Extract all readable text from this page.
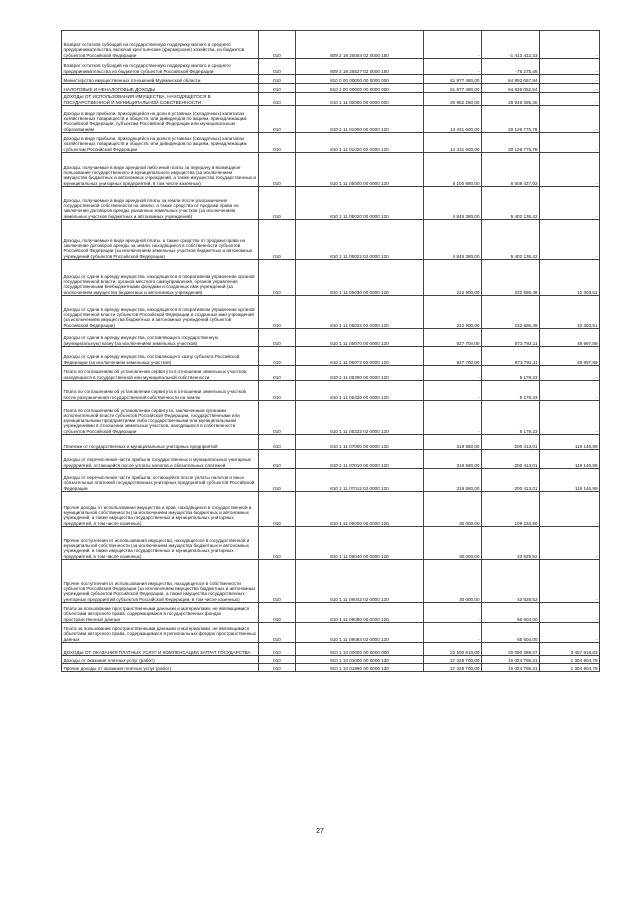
Возврат остатков субсидий на государственную поддержку малого и среднего предпринимательства, включая крестьянские (фермерские) хозяйства, из бюджетов субъектов Российской Федерации	010	809 2 19 25064 02 0000 150	-	-1 413 412,33	-
Возврат остатков субсидий на государственную поддержку малого и среднего предпринимательства из бюджетов субъектов Российской Федерации	010	809 2 19 25527 02 0000 150	-	-75 275,46	-
Министерство имущественных отношений Мурманской области	010	810 0 00 00000 00 0000 000	61 977 480,00	64 892 657,84	-
НАЛОГОВЫЕ И НЕНАЛОГОВЫЕ ДОХОДЫ	010	810 1 00 00000 00 0000 000	61 977 480,00	64 835 052,54	-
ДОХОДЫ ОТ ИСПОЛЬЗОВАНИЯ ИМУЩЕСТВА, НАХОДЯЩЕГОСЯ В ГОСУДАРСТВЕННОЙ И МУНИЦИПАЛЬНОЙ СОБСТВЕННОСТИ	010	810 1 11 00000 00 0000 000	20 882 280,00	26 946 395,30	-
Доходы в виде прибыли, приходящейся на доли в уставных (складочных) капиталах хозяйственных товариществ и обществ, или дивидендов по акциям, принадлежащим Российской Федерации, субъектам Российской Федерации или муниципальным образованиям	010	810 1 11 01000 00 0000 120	14 431 600,00	20 126 775,78	-
Доходы в виде прибыли, приходящейся на доли в уставных (складочных) капиталах хозяйственных товариществ и обществ, или дивидендов по акциям, принадлежащим субъектам Российской Федерации	010	810 1 11 01020 02 0000 120	14 431 600,00	20 126 775,78	-
Доходы, получаемые в виде арендной либо иной платы за передачу в возмездное пользование государственного и муниципального имущества (за исключением имущества бюджетных и автономных учреждений, а также имущества государственных и муниципальных унитарных предприятий, в том числе казенных)	010	810 1 11 05000 00 0000 120	6 100 680,00	6 508 427,02	-
Доходы, получаемые в виде арендной платы за земли после разграничения государственной собственности на землю, а также средства от продажи права на заключение договоров аренды указанных земельных участков (за исключением земельных участков бюджетных и автономных учреждений)	010	810 1 11 05020 00 0000 120	4 846 380,00	5 402 138,42	-
Доходы, получаемые в виде арендной платы, а также средства от продажи права на заключение договоров аренды за земли, находящиеся в собственности субъектов Российской Федерации (за исключением земельных участков бюджетных и автономных учреждений субъектов Российской Федерации)	010	810 1 11 05022 02 0000 120	4 846 380,00	5 402 138,42	-
Доходы от сдачи в аренду имущества, находящегося в оперативном управлении органов государственной власти, органов местного самоуправления, органов управления государственными внебюджетными фондами и созданных ими учреждений (за исключением имущества бюджетных и автономных учреждений)	010	810 1 11 05030 00 0000 120	222 900,00	232 596,49	10 303,51
Доходы от сдачи в аренду имущества, находящегося в оперативном управлении органов государственной власти субъектов Российской Федерации и созданных ими учреждений (за исключением имущества бюджетных и автономных учреждений субъектов Российской Федерации)	010	810 1 11 05032 02 0000 120	222 900,00	232 596,49	10 303,51
Доходы от сдачи в аренду имущества, составляющего государственную (муниципальную) казну (за исключением земельных участков)	010	810 1 11 05070 00 0000 120	927 700,00	873 792,11	48 997,89
Доходы от сдачи в аренду имущества, составляющего казну субъекта Российской Федерации (за исключением земельных участков)	010	810 1 11 05072 02 0000 120	927 700,00	873 792,11	48 997,89
Плата по соглашениям об установлении сервитута в отношении земельных участков, находящихся в государственной или муниципальной собственности	010	810 1 11 05300 00 0000 120	-	5 179,23	-
Плата по соглашениям об установлении сервитута в отношении земельных участков после разграничения государственной собственности на землю	010	810 1 11 05320 00 0000 120	-	5 179,23	-
Плата по соглашениям об установлении сервитута, заключенным органами исполнительной власти субъектов Российской Федерации, государственными или муниципальными предприятиями либо государственными или муниципальными учреждениями в отношении земельных участков, находящихся в собственности субъектов Российской Федерации	010	810 1 11 05322 02 0000 120	-	5 179,23	-
Платежи от государственных и муниципальных унитарных предприятий	010	810 1 11 07000 00 0000 120	319 580,00	200 413,01	119 146,99
Доходы от перечисления части прибыли государственных и муниципальных унитарных предприятий, остающейся после уплаты налогов и обязательных платежей	010	810 1 11 07010 00 0000 120	319 580,00	200 413,01	119 146,99
Доходы от перечисления части прибыли, остающейся после уплаты налогов и иных обязательных платежей государственных унитарных предприятий субъектов Российской Федерации	010	810 1 11 07012 02 0000 120	319 580,00	200 413,01	119 146,99
Прочие доходы от использования имущества и прав, находящихся в государственной и муниципальной собственности (за исключением имущества бюджетных и автономных учреждений, а также имущества государственных и муниципальных унитарных предприятий, в том числе казенных)	010	810 1 11 09000 00 0000 120	30 000,00	109 233,50	-
Прочие поступления от использования имущества, находящегося в государственной и муниципальной собственности (за исключением имущества бюджетных и автономных учреждений, а также имущества государственных и муниципальных унитарных предприятий, в том числе казенных)	010	810 1 11 09040 00 0000 120	30 000,00	43 629,52	-
Прочие поступления от использования имущества, находящегося в собственности субъектов Российской Федерации (за исключением имущества бюджетных и автономных учреждений субъектов Российской Федерации, а также имущества государственных унитарных предприятий субъектов Российской Федерации, в том числе казенных)	010	810 1 11 09042 02 0000 120	30 000,00	43 629,52	-
Плата за пользование пространственными данными и материалами, не являющимися объектами авторского права, содержащимися в государственных фондах пространственных данных	010	810 1 11 09080 00 0000 120	-	65 604,00	-
Плата за пользование пространственными данными и материалами, не являющимися объектами авторского права, содержащимися в региональных фондах пространственных данных	010	810 1 11 09084 02 0000 120	-	65 604,00	-
ДОХОДЫ ОТ ОКАЗАНИЯ ПЛАТНЫХ УСЛУГ И КОМПЕНСАЦИИ ЗАТРАТ ГОСУДАРСТВА	010	810 1 13 00000 00 0000 000	22 500 810,00	20 090 389,57	3 457 916,83
Доходы от оказания платных услуг (работ)	010	810 1 13 01000 00 0000 130	17 329 700,00	16 024 795,21	1 304 904,79
Прочие доходы от оказания платных услуг (работ)	010	810 1 13 01990 00 0000 130	17 329 700,00	16 024 795,21	1 304 904,79
27
